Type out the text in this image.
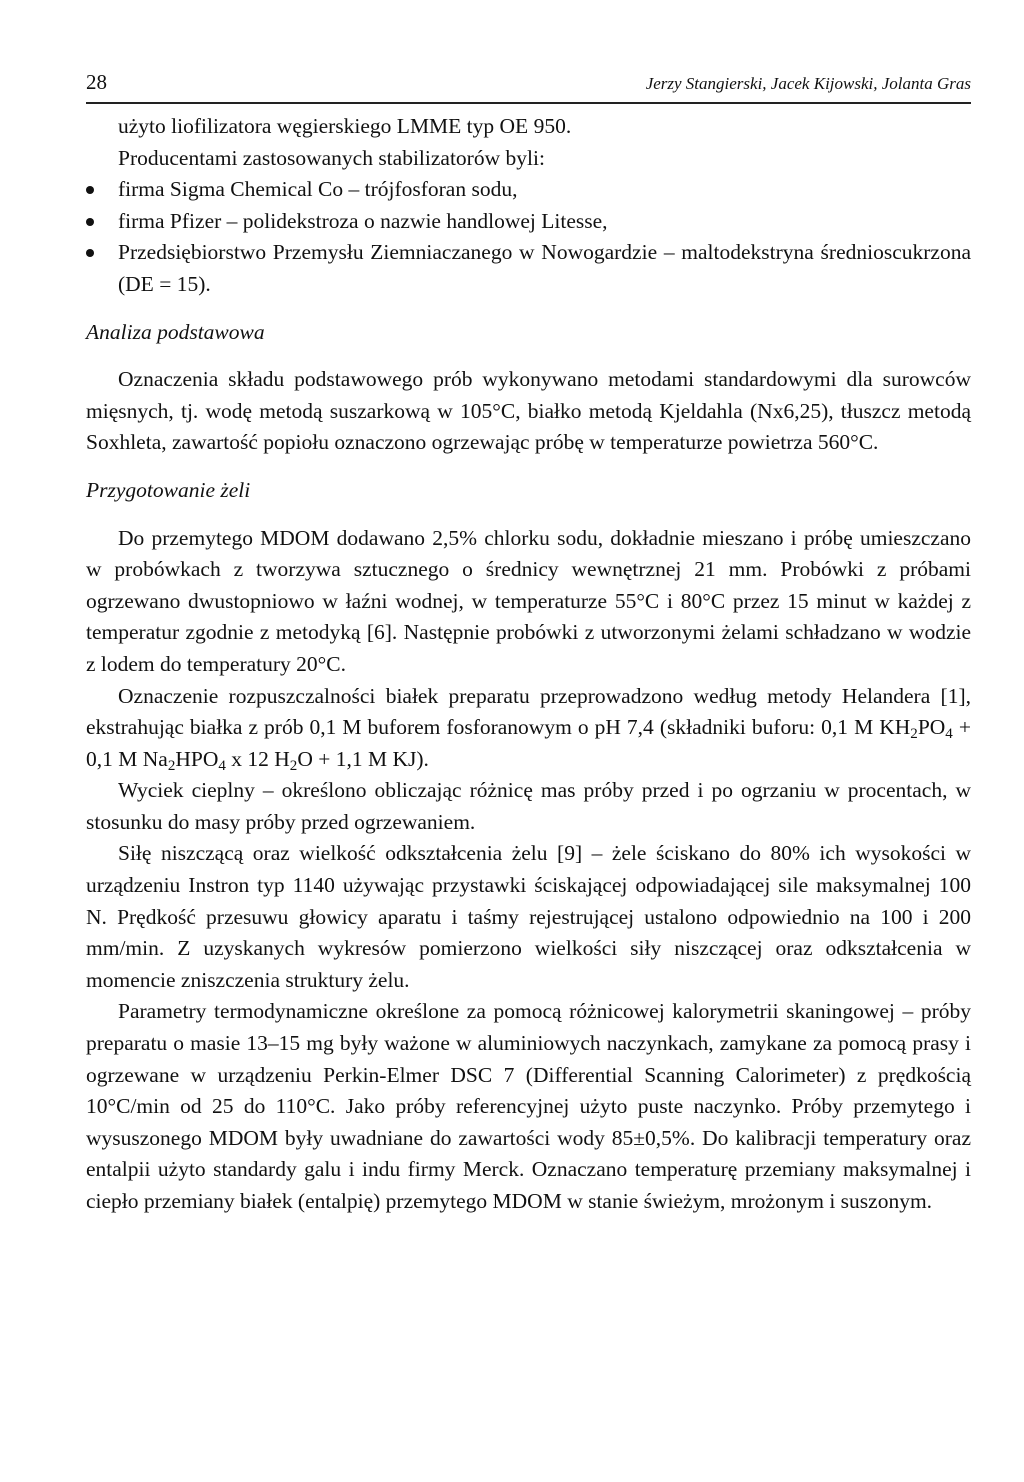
28	Jerzy Stangierski, Jacek Kijowski, Jolanta Gras

użyto liofilizatora węgierskiego LMME typ OE 950.

Producentami zastosowanych stabilizatorów byli:

firma Sigma Chemical Co – trójfosforan sodu,
firma Pfizer – polidekstroza o nazwie handlowej Litesse,
Przedsiębiorstwo Przemysłu Ziemniaczanego w Nowogardzie – maltodekstryna średnioscukrzona (DE = 15).
Analiza podstawowa

Oznaczenia składu podstawowego prób wykonywano metodami standardowymi dla surowców mięsnych, tj. wodę metodą suszarkową w 105°C, białko metodą Kjeldahla (Nx6,25), tłuszcz metodą Soxhleta, zawartość popiołu oznaczono ogrzewając próbę w temperaturze powietrza 560°C.

Przygotowanie żeli

Do przemytego MDOM dodawano 2,5% chlorku sodu, dokładnie mieszano i próbę umieszczano w probówkach z tworzywa sztucznego o średnicy wewnętrznej 21 mm. Probówki z próbami ogrzewano dwustopniowo w łaźni wodnej, w temperaturze 55°C i 80°C przez 15 minut w każdej z temperatur zgodnie z metodyką [6]. Następnie probówki z utworzonymi żelami schładzano w wodzie z lodem do temperatury 20°C.

Oznaczenie rozpuszczalności białek preparatu przeprowadzono według metody Helandera [1], ekstrahując białka z prób 0,1 M buforem fosforanowym o pH 7,4 (składniki buforu: 0,1 M $KH_2PO_4 + 0,1$ M $Na_2HPO_4$ x 12 $H_2O + 1,1$ M KJ).

Wyciek cieplny – określono obliczając różnicę mas próby przed i po ogrzaniu w procentach, w stosunku do masy próby przed ogrzewaniem.

Siłę niszczącą oraz wielkość odkształcenia żelu [9] – żele ściskano do 80% ich wysokości w urządzeniu Instron typ 1140 używając przystawki ściskającej odpowiadającej sile maksymalnej 100 N. Prędkość przesuwu głowicy aparatu i taśmy rejestrującej ustalono odpowiednio na 100 i 200 mm/min. Z uzyskanych wykresów pomierzono wielkości siły niszczącej oraz odkształcenia w momencie zniszczenia struktury żelu.

Parametry termodynamiczne określone za pomocą różnicowej kalorymetrii skaningowej – próby preparatu o masie 13–15 mg były ważone w aluminiowych naczynkach, zamykane za pomocą prasy i ogrzewane w urządzeniu Perkin-Elmer DSC 7 (Differential Scanning Calorimeter) z prędkością 10°C/min od 25 do 110°C. Jako próby referencyjnej użyto puste naczynko. Próby przemytego i wysuszonego MDOM były uwadniane do zawartości wody 85±0,5%. Do kalibracji temperatury oraz entalpii użyto standardy galu i indu firmy Merck. Oznaczano temperaturę przemiany maksymalnej i ciepło przemiany białek (entalpię) przemytego MDOM w stanie świeżym, mrożonym i suszonym.
